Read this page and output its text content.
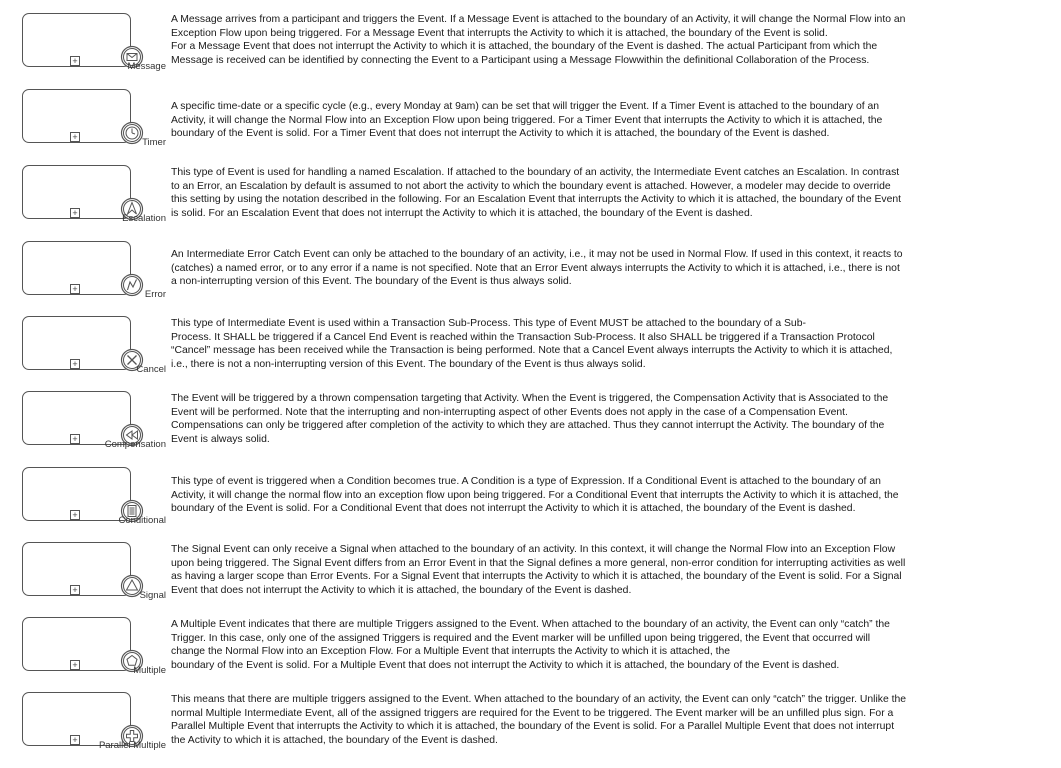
+	Message
A Message arrives from a participant and triggers the Event. If a Message Event is attached to the boundary of an Activity, it will change the Normal Flow into an
Exception Flow upon being triggered. For a Message Event that interrupts the Activity to which it is attached, the boundary of the Event is solid.
For a Message Event that does not interrupt the Activity to which it is attached, the boundary of the Event is dashed. The actual Participant from which the
Message is received can be identified by connecting the Event to a Participant using a Message Flowwithin the definitional Collaboration of the Process.
+	Timer
A specific time-date or a specific cycle (e.g., every Monday at 9am) can be set that will trigger the Event. If a Timer Event is attached to the boundary of an
Activity, it will change the Normal Flow into an Exception Flow upon being triggered. For a Timer Event that interrupts the Activity to which it is attached, the
boundary of the Event is solid. For a Timer Event that does not interrupt the Activity to which it is attached, the boundary of the Event is dashed.
+	Escalation
This type of Event is used for handling a named Escalation. If attached to the boundary of an activity, the Intermediate Event catches an Escalation. In contrast
to an Error, an Escalation by default is assumed to not abort the activity to which the boundary event is attached. However, a modeler may decide to override
this setting by using the notation described in the following. For an Escalation Event that interrupts the Activity to which it is attached, the boundary of the Event
is solid. For an Escalation Event that does not interrupt the Activity to which it is attached, the boundary of the Event is dashed.
+	Error
An Intermediate Error Catch Event can only be attached to the boundary of an activity, i.e., it may not be used in Normal Flow. If used in this context, it reacts to
(catches) a named error, or to any error if a name is not specified. Note that an Error Event always interrupts the Activity to which it is attached, i.e., there is not
a non-interrupting version of this Event. The boundary of the Event is thus always solid.
+	Cancel
This type of Intermediate Event is used within a Transaction Sub-Process. This type of Event MUST be attached to the boundary of a Sub-
Process. It SHALL be triggered if a Cancel End Event is reached within the Transaction Sub-Process. It also SHALL be triggered if a Transaction Protocol
“Cancel” message has been received while the Transaction is being performed. Note that a Cancel Event always interrupts the Activity to which it is attached,
i.e., there is not a non-interrupting version of this Event. The boundary of the Event is thus always solid.
+	Compensation
The Event will be triggered by a thrown compensation targeting that Activity. When the Event is triggered, the Compensation Activity that is Associated to the
Event will be performed. Note that the interrupting and non-interrupting aspect of other Events does not apply in the case of a Compensation Event.
Compensations can only be triggered after completion of the activity to which they are attached. Thus they cannot interrupt the Activity. The boundary of the
Event is always solid.
+	Conditional
This type of event is triggered when a Condition becomes true. A Condition is a type of Expression. If a Conditional Event is attached to the boundary of an
Activity, it will change the normal flow into an exception flow upon being triggered. For a Conditional Event that interrupts the Activity to which it is attached, the
boundary of the Event is solid. For a Conditional Event that does not interrupt the Activity to which it is attached, the boundary of the Event is dashed.
+	Signal
The Signal Event can only receive a Signal when attached to the boundary of an activity. In this context, it will change the Normal Flow into an Exception Flow
upon being triggered. The Signal Event differs from an Error Event in that the Signal defines a more general, non-error condition for interrupting activities as well
as having a larger scope than Error Events. For a Signal Event that interrupts the Activity to which it is attached, the boundary of the Event is solid. For a Signal
Event that does not interrupt the Activity to which it is attached, the boundary of the Event is dashed.
+	Multiple
A Multiple Event indicates that there are multiple Triggers assigned to the Event. When attached to the boundary of an activity, the Event can only “catch” the
Trigger. In this case, only one of the assigned Triggers is required and the Event marker will be unfilled upon being triggered, the Event that occurred will
change the Normal Flow into an Exception Flow. For a Multiple Event that interrupts the Activity to which it is attached, the
boundary of the Event is solid. For a Multiple Event that does not interrupt the Activity to which it is attached, the boundary of the Event is dashed.
+ Parallel Multiple
This means that there are multiple triggers assigned to the Event. When attached to the boundary of an activity, the Event can only “catch” the trigger. Unlike the
normal Multiple Intermediate Event, all of the assigned triggers are required for the Event to be triggered. The Event marker will be an unfilled plus sign. For a
Parallel Multiple Event that interrupts the Activity to which it is attached, the boundary of the Event is solid. For a Parallel Multiple Event that does not interrupt
the Activity to which it is attached, the boundary of the Event is dashed.
